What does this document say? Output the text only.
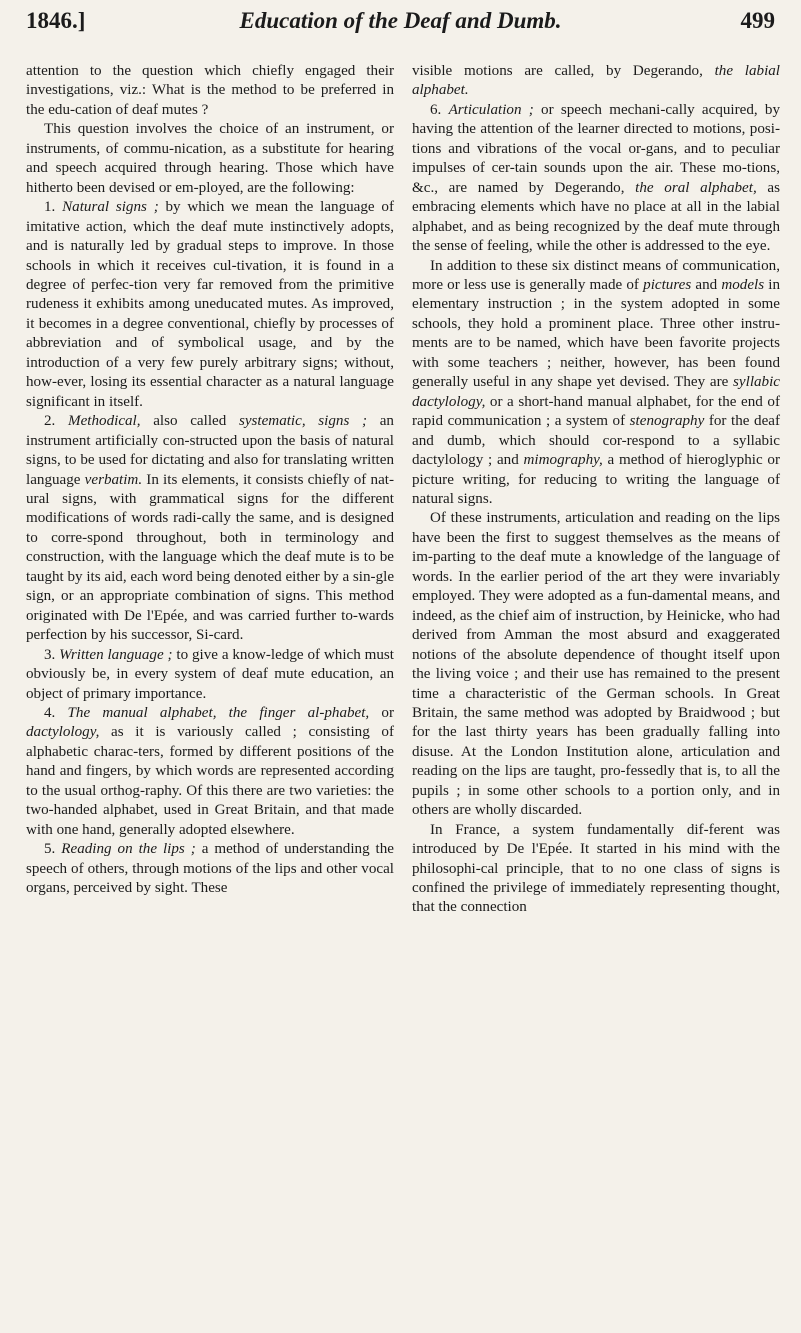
1846.]	Education of the Deaf and Dumb.	499

attention to the question which chiefly engaged their investigations, viz.: What is the method to be preferred in the edu-cation of deaf mutes ?

This question involves the choice of an instrument, or instruments, of commu-nication, as a substitute for hearing and speech acquired through hearing. Those which have hitherto been devised or em-ployed, are the following:

1. Natural signs ; by which we mean the language of imitative action, which the deaf mute instinctively adopts, and is naturally led by gradual steps to improve. In those schools in which it receives cul-tivation, it is found in a degree of perfec-tion very far removed from the primitive rudeness it exhibits among uneducated mutes. As improved, it becomes in a degree conventional, chiefly by processes of abbreviation and of symbolical usage, and by the introduction of a very few purely arbitrary signs; without, how-ever, losing its essential character as a natural language significant in itself.

2. Methodical, also called systematic, signs ; an instrument artificially con-structed upon the basis of natural signs, to be used for dictating and also for translating written language verbatim. In its elements, it consists chiefly of nat-ural signs, with grammatical signs for the different modifications of words radi-cally the same, and is designed to corre-spond throughout, both in terminology and construction, with the language which the deaf mute is to be taught by its aid, each word being denoted either by a sin-gle sign, or an appropriate combination of signs. This method originated with De l'Epée, and was carried further to-wards perfection by his successor, Si-card.

3. Written language ; to give a know-ledge of which must obviously be, in every system of deaf mute education, an object of primary importance.

4. The manual alphabet, the finger al-phabet, or dactylology, as it is variously called ; consisting of alphabetic charac-ters, formed by different positions of the hand and fingers, by which words are represented according to the usual orthog-raphy. Of this there are two varieties: the two-handed alphabet, used in Great Britain, and that made with one hand, generally adopted elsewhere.

5. Reading on the lips ; a method of understanding the speech of others, through motions of the lips and other vocal organs, perceived by sight. These

visible motions are called, by Degerando, the labial alphabet.

6. Articulation ; or speech mechani-cally acquired, by having the attention of the learner directed to motions, posi-tions and vibrations of the vocal or-gans, and to peculiar impulses of cer-tain sounds upon the air. These mo-tions, &c., are named by Degerando, the oral alphabet, as embracing elements which have no place at all in the labial alphabet, and as being recognized by the deaf mute through the sense of feeling, while the other is addressed to the eye.

In addition to these six distinct means of communication, more or less use is generally made of pictures and models in elementary instruction ; in the system adopted in some schools, they hold a prominent place. Three other instru-ments are to be named, which have been favorite projects with some teachers ; neither, however, has been found generally useful in any shape yet devised. They are syllabic dactylology, or a short-hand manual alphabet, for the end of rapid communication ; a system of stenography for the deaf and dumb, which should cor-respond to a syllabic dactylology ; and mimography, a method of hieroglyphic or picture writing, for reducing to writing the language of natural signs.

Of these instruments, articulation and reading on the lips have been the first to suggest themselves as the means of im-parting to the deaf mute a knowledge of the language of words. In the earlier period of the art they were invariably employed. They were adopted as a fun-damental means, and indeed, as the chief aim of instruction, by Heinicke, who had derived from Amman the most absurd and exaggerated notions of the absolute dependence of thought itself upon the living voice ; and their use has remained to the present time a characteristic of the German schools. In Great Britain, the same method was adopted by Braidwood ; but for the last thirty years has been gradually falling into disuse. At the London Institution alone, articulation and reading on the lips are taught, pro-fessedly that is, to all the pupils ; in some other schools to a portion only, and in others are wholly discarded.

In France, a system fundamentally dif-ferent was introduced by De l'Epée. It started in his mind with the philosophi-cal principle, that to no one class of signs is confined the privilege of immediately representing thought, that the connection
